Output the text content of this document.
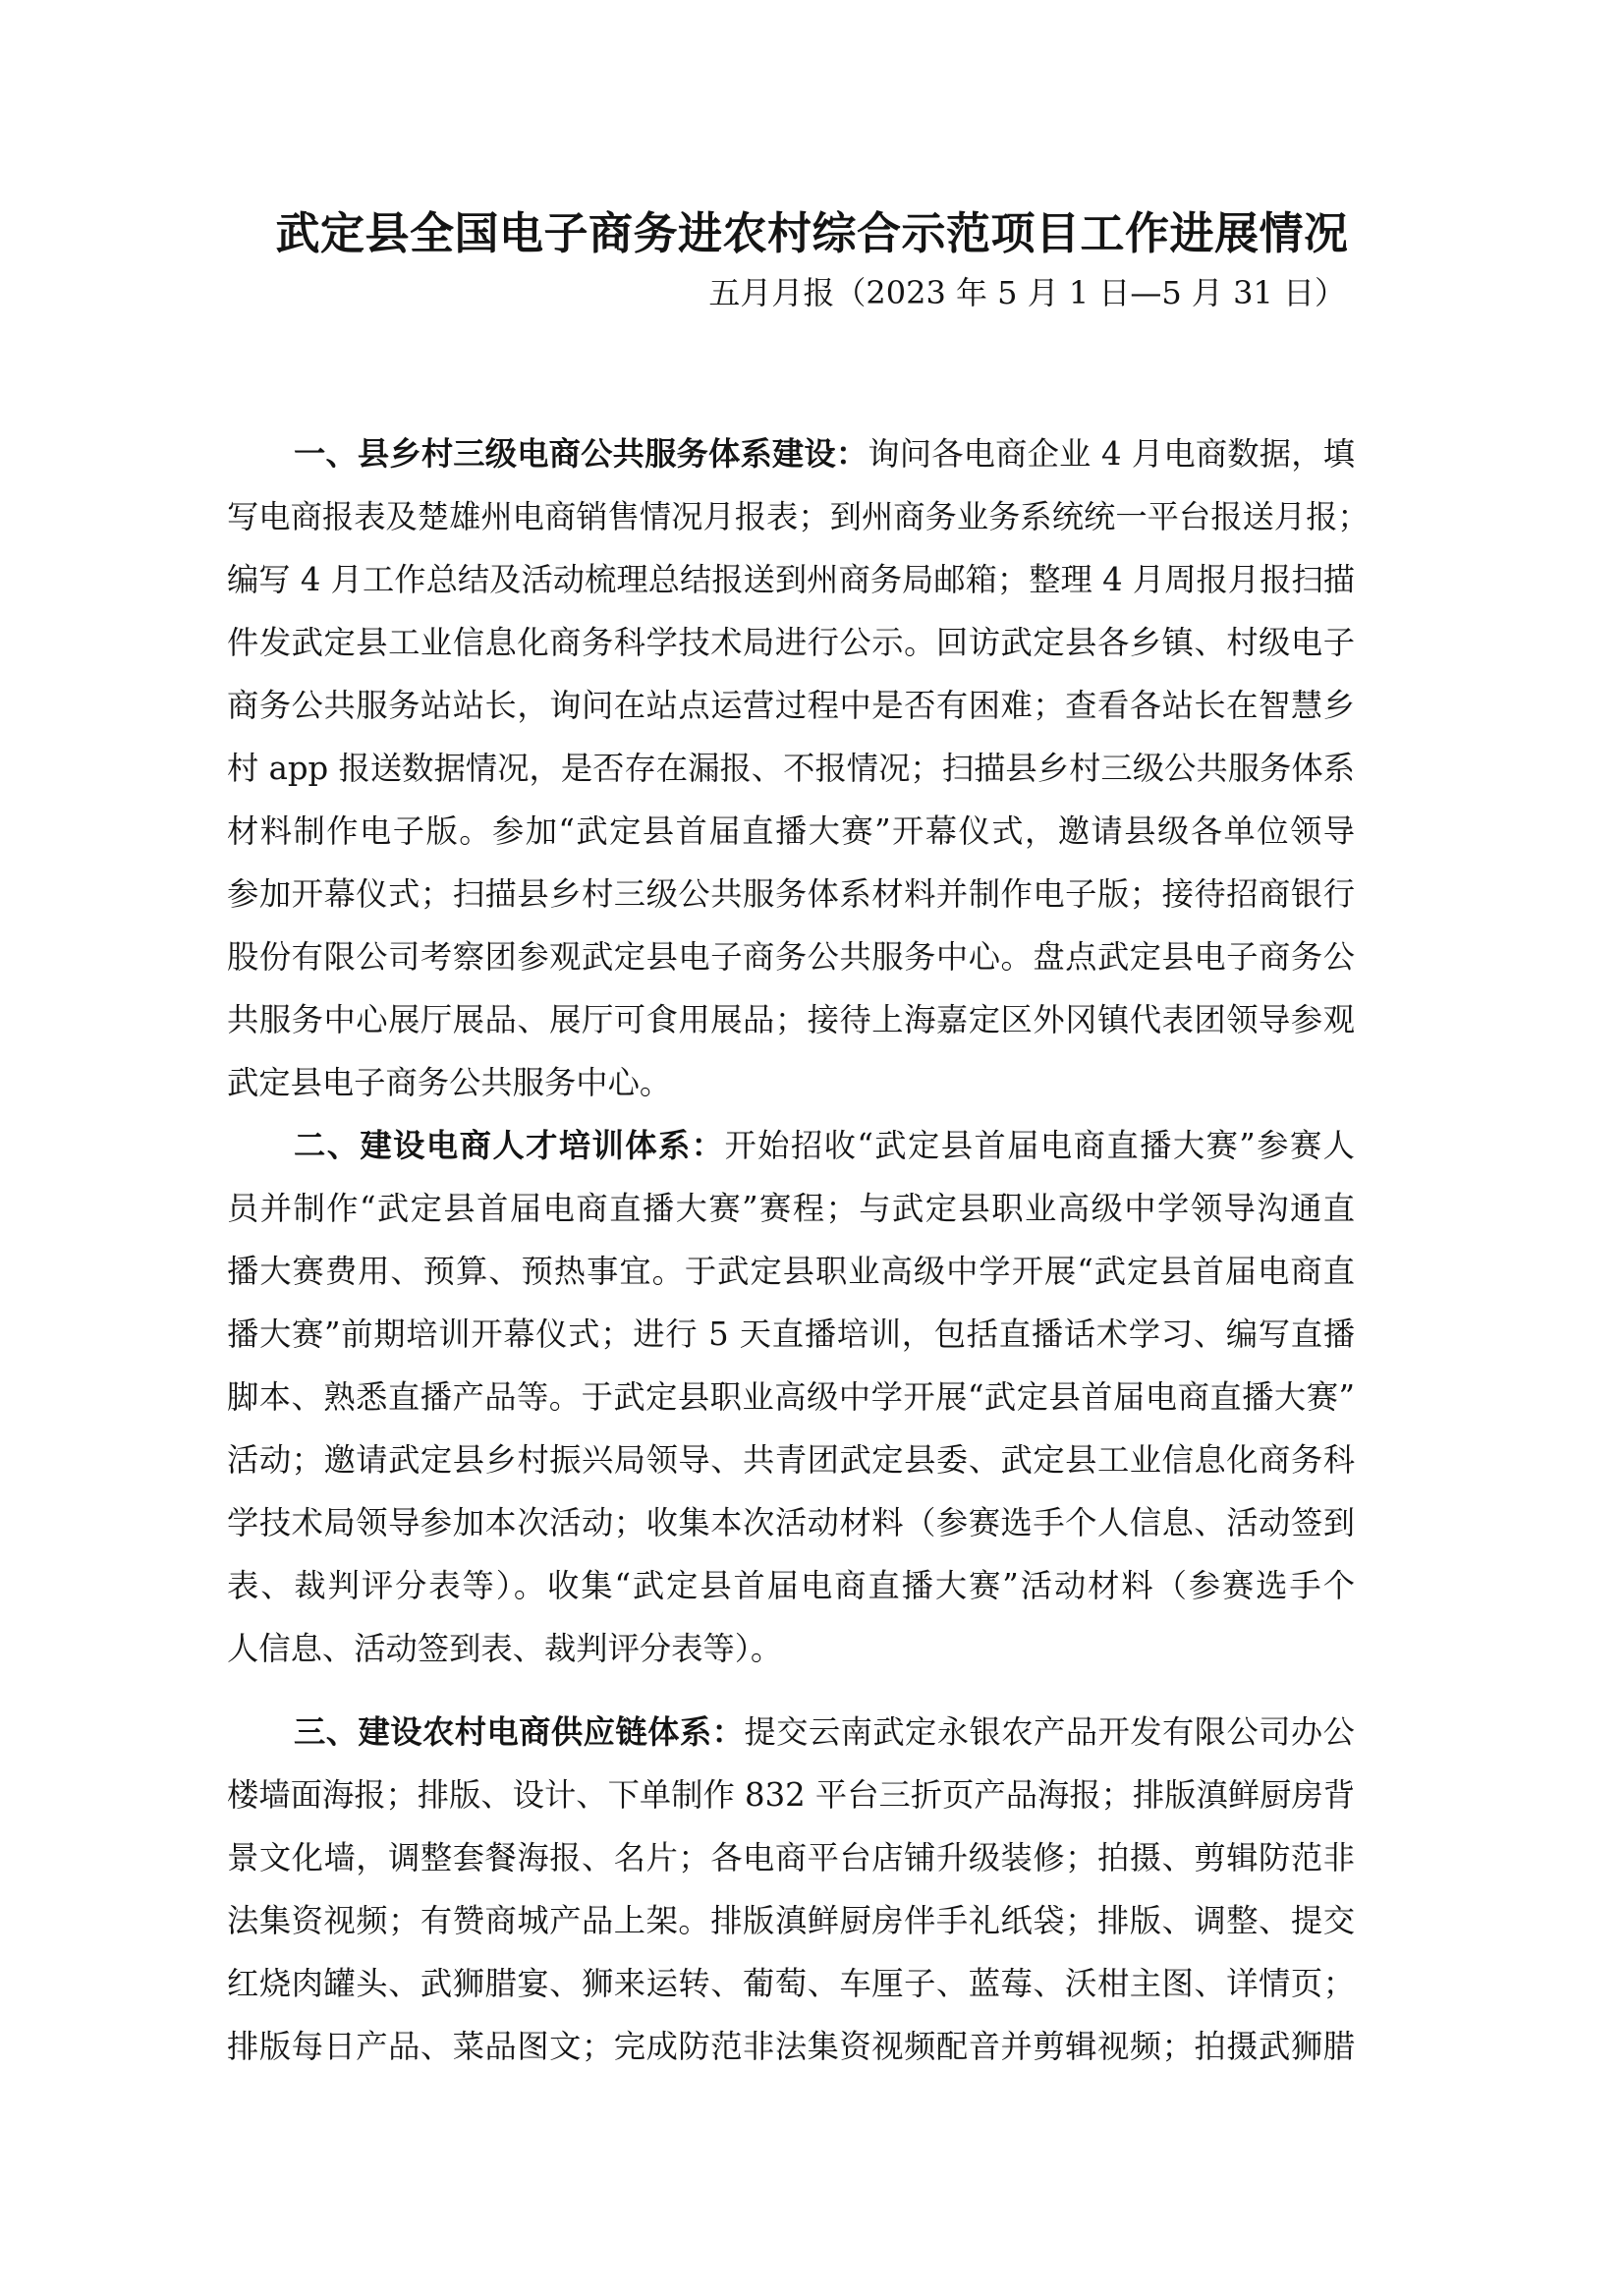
武定县全国电子商务进农村综合示范项目工作进展情况
五月月报（2023 年 5 月 1 日—5 月 31 日）
一、县乡村三级电商公共服务体系建设：询问各电商企业 4 月电商数据，填
写电商报表及楚雄州电商销售情况月报表；到州商务业务系统统一平台报送月报；
编写 4 月工作总结及活动梳理总结报送到州商务局邮箱；整理 4 月周报月报扫描
件发武定县工业信息化商务科学技术局进行公示。回访武定县各乡镇、村级电子
商务公共服务站站长，询问在站点运营过程中是否有困难；查看各站长在智慧乡
村 app 报送数据情况，是否存在漏报、不报情况；扫描县乡村三级公共服务体系
材料制作电子版。参加“武定县首届直播大赛”开幕仪式，邀请县级各单位领导
参加开幕仪式；扫描县乡村三级公共服务体系材料并制作电子版；接待招商银行
股份有限公司考察团参观武定县电子商务公共服务中心。盘点武定县电子商务公
共服务中心展厅展品、展厅可食用展品；接待上海嘉定区外冈镇代表团领导参观
武定县电子商务公共服务中心。
二、建设电商人才培训体系：开始招收“武定县首届电商直播大赛”参赛人
员并制作“武定县首届电商直播大赛”赛程；与武定县职业高级中学领导沟通直
播大赛费用、预算、预热事宜。于武定县职业高级中学开展“武定县首届电商直
播大赛”前期培训开幕仪式；进行 5 天直播培训，包括直播话术学习、编写直播
脚本、熟悉直播产品等。于武定县职业高级中学开展“武定县首届电商直播大赛”
活动；邀请武定县乡村振兴局领导、共青团武定县委、武定县工业信息化商务科
学技术局领导参加本次活动；收集本次活动材料（参赛选手个人信息、活动签到
表、裁判评分表等）。收集“武定县首届电商直播大赛”活动材料（参赛选手个
人信息、活动签到表、裁判评分表等）。
三、建设农村电商供应链体系：提交云南武定永银农产品开发有限公司办公
楼墙面海报；排版、设计、下单制作 832 平台三折页产品海报；排版滇鲜厨房背
景文化墙，调整套餐海报、名片；各电商平台店铺升级装修；拍摄、剪辑防范非
法集资视频；有赞商城产品上架。排版滇鲜厨房伴手礼纸袋；排版、调整、提交
红烧肉罐头、武狮腊宴、狮来运转、葡萄、车厘子、蓝莓、沃柑主图、详情页；
排版每日产品、菜品图文；完成防范非法集资视频配音并剪辑视频；拍摄武狮腊
